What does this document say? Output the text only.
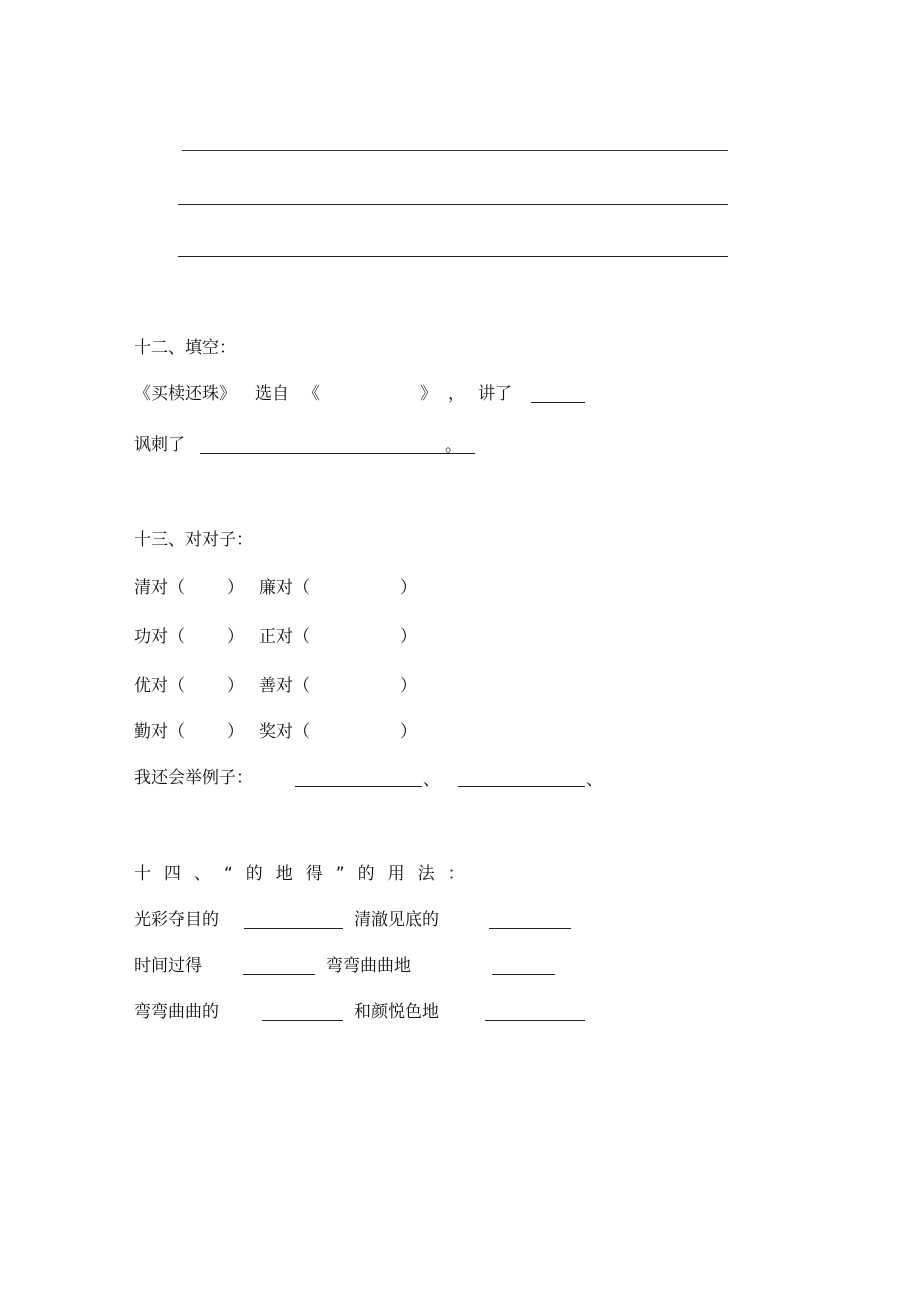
十二、填空：
《买椟还珠》 选自 《	》 ， 讲了
讽刺了	。
十三、对对子：
清对（ ） 廉对（	）
功对（ ） 正对（	）
优对（ ） 善对（	）
勤对（ ） 奖对（	）
我还会举例子：	、	、
十四、“的地得”的用法：
光彩夺目的	清澈见底的
时间过得	弯弯曲曲地
弯弯曲曲的	和颜悦色地
